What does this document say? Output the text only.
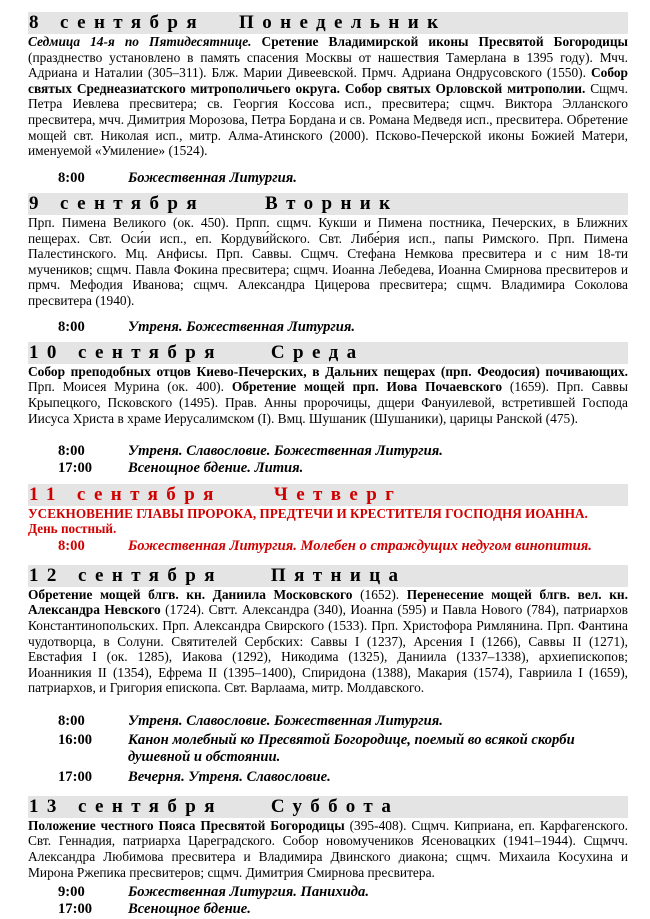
8 сентября Понедельник

Седмица 14-я по Пятидесятнице. Сретение Владимирской иконы Пресвятой Богородицы (празднество установлено в память спасения Москвы от нашествия Тамерлана в 1395 году). Мчч. Адриана и Наталии (305–311). Блж. Марии Дивеевской. Прмч. Адриана Ондрусовского (1550). Собор святых Среднеазиатского митрополичьего округа. Собор святых Орловской митрополии. Сщмч. Петра Иевлева пресвитера; св. Георгия Коссова исп., пресвитера; сщмч. Виктора Элланского пресвитера, мчч. Димитрия Морозова, Петра Бордана и св. Романа Медведя исп., пресвитера. Обретение мощей свт. Николая исп., митр. Алма-Атинского (2000). Псково-Печерской иконы Божией Матери, именуемой «Умиление» (1524).

8:00	Божественная Литургия.
9 сентября	Вторник

Прп. Пимена Великого (ок. 450). Прпп. сщмч. Кукши и Пимена постника, Печерских, в Ближних пещерах. Свт. Оси́и исп., еп. Кордуви́йского. Свт. Либе́рия исп., папы Римского. Прп. Пимена Палестинского. Мц. Анфисы. Прп. Саввы. Сщмч. Стефана Немкова пресвитера и с ним 18-ти мучеников; сщмч. Павла Фокина пресвитера; сщмч. Иоанна Лебедева, Иоанна Смирнова пресвитеров и прмч. Мефодия Иванова; сщмч. Александра Цицерова пресвитера; сщмч. Владимира Соколова пресвитера (1940).

8:00	Утреня. Божественная Литургия.
10 сентября	Среда

Собор преподобных отцов Киево-Печерских, в Дальних пещерах (прп. Феодосия) почивающих. Прп. Моисея Мурина (ок. 400). Обретение мощей прп. Иова Почаевского (1659). Прп. Саввы Крыпецкого, Псковского (1495). Прав. Анны пророчицы, дщери Фануилевой, встретившей Господа Иисуса Христа в храме Иерусалимском (I). Вмц. Шушаник (Шушаники), царицы Ранской (475).

8:00	Утреня. Славословие. Божественная Литургия.
17:00	Всенощное бдение. Лития.
11 сентября	Четверг

УСЕКНОВЕНИЕ ГЛАВЫ ПРОРОКА, ПРЕДТЕЧИ И КРЕСТИТЕЛЯ ГОСПОДНЯ ИОАННА.
День постный.

8:00	Божественная Литургия. Молебен о страждущих недугом винопития.
12 сентября	Пятница

Обретение мощей блгв. кн. Даниила Московского (1652). Перенесение мощей блгв. вел. кн. Александра Невского (1724). Свтт. Александра (340), Иоанна (595) и Павла Нового (784), патриархов Константинопольских. Прп. Александра Свирского (1533). Прп. Христофора Римлянина. Прп. Фантина чудотворца, в Солуни. Святителей Сербских: Саввы I (1237), Арсения I (1266), Саввы II (1271), Евстафия I (ок. 1285), Иакова (1292), Никодима (1325), Даниила (1337–1338), архиепископов; Иоанникия II (1354), Ефрема II (1395–1400), Спиридона (1388), Макария (1574), Гавриила I (1659), патриархов, и Григория епископа. Свт. Варлаама, митр. Молдавского.

8:00	Утреня. Славословие. Божественная Литургия.
16:00	Канон молебный ко Пресвятой Богородице, поемый во всякой скорби душевной и обстоянии.
17:00	Вечерня. Утреня. Славословие.
13 сентября	Суббота

Положение честного Пояса Пресвятой Богородицы (395-408). Сщмч. Киприана, еп. Карфагенского. Свт. Геннадия, патриарха Цареградского. Собор новомучеников Ясеновацких (1941–1944). Сщмчч. Александра Любимова пресвитера и Владимира Двинского диакона; сщмч. Михаила Косухина и Мирона Ржепика пресвитеров; сщмч. Димитрия Смирнова пресвитера.

9:00	Божественная Литургия. Панихида.
17:00	Всенощное бдение.
